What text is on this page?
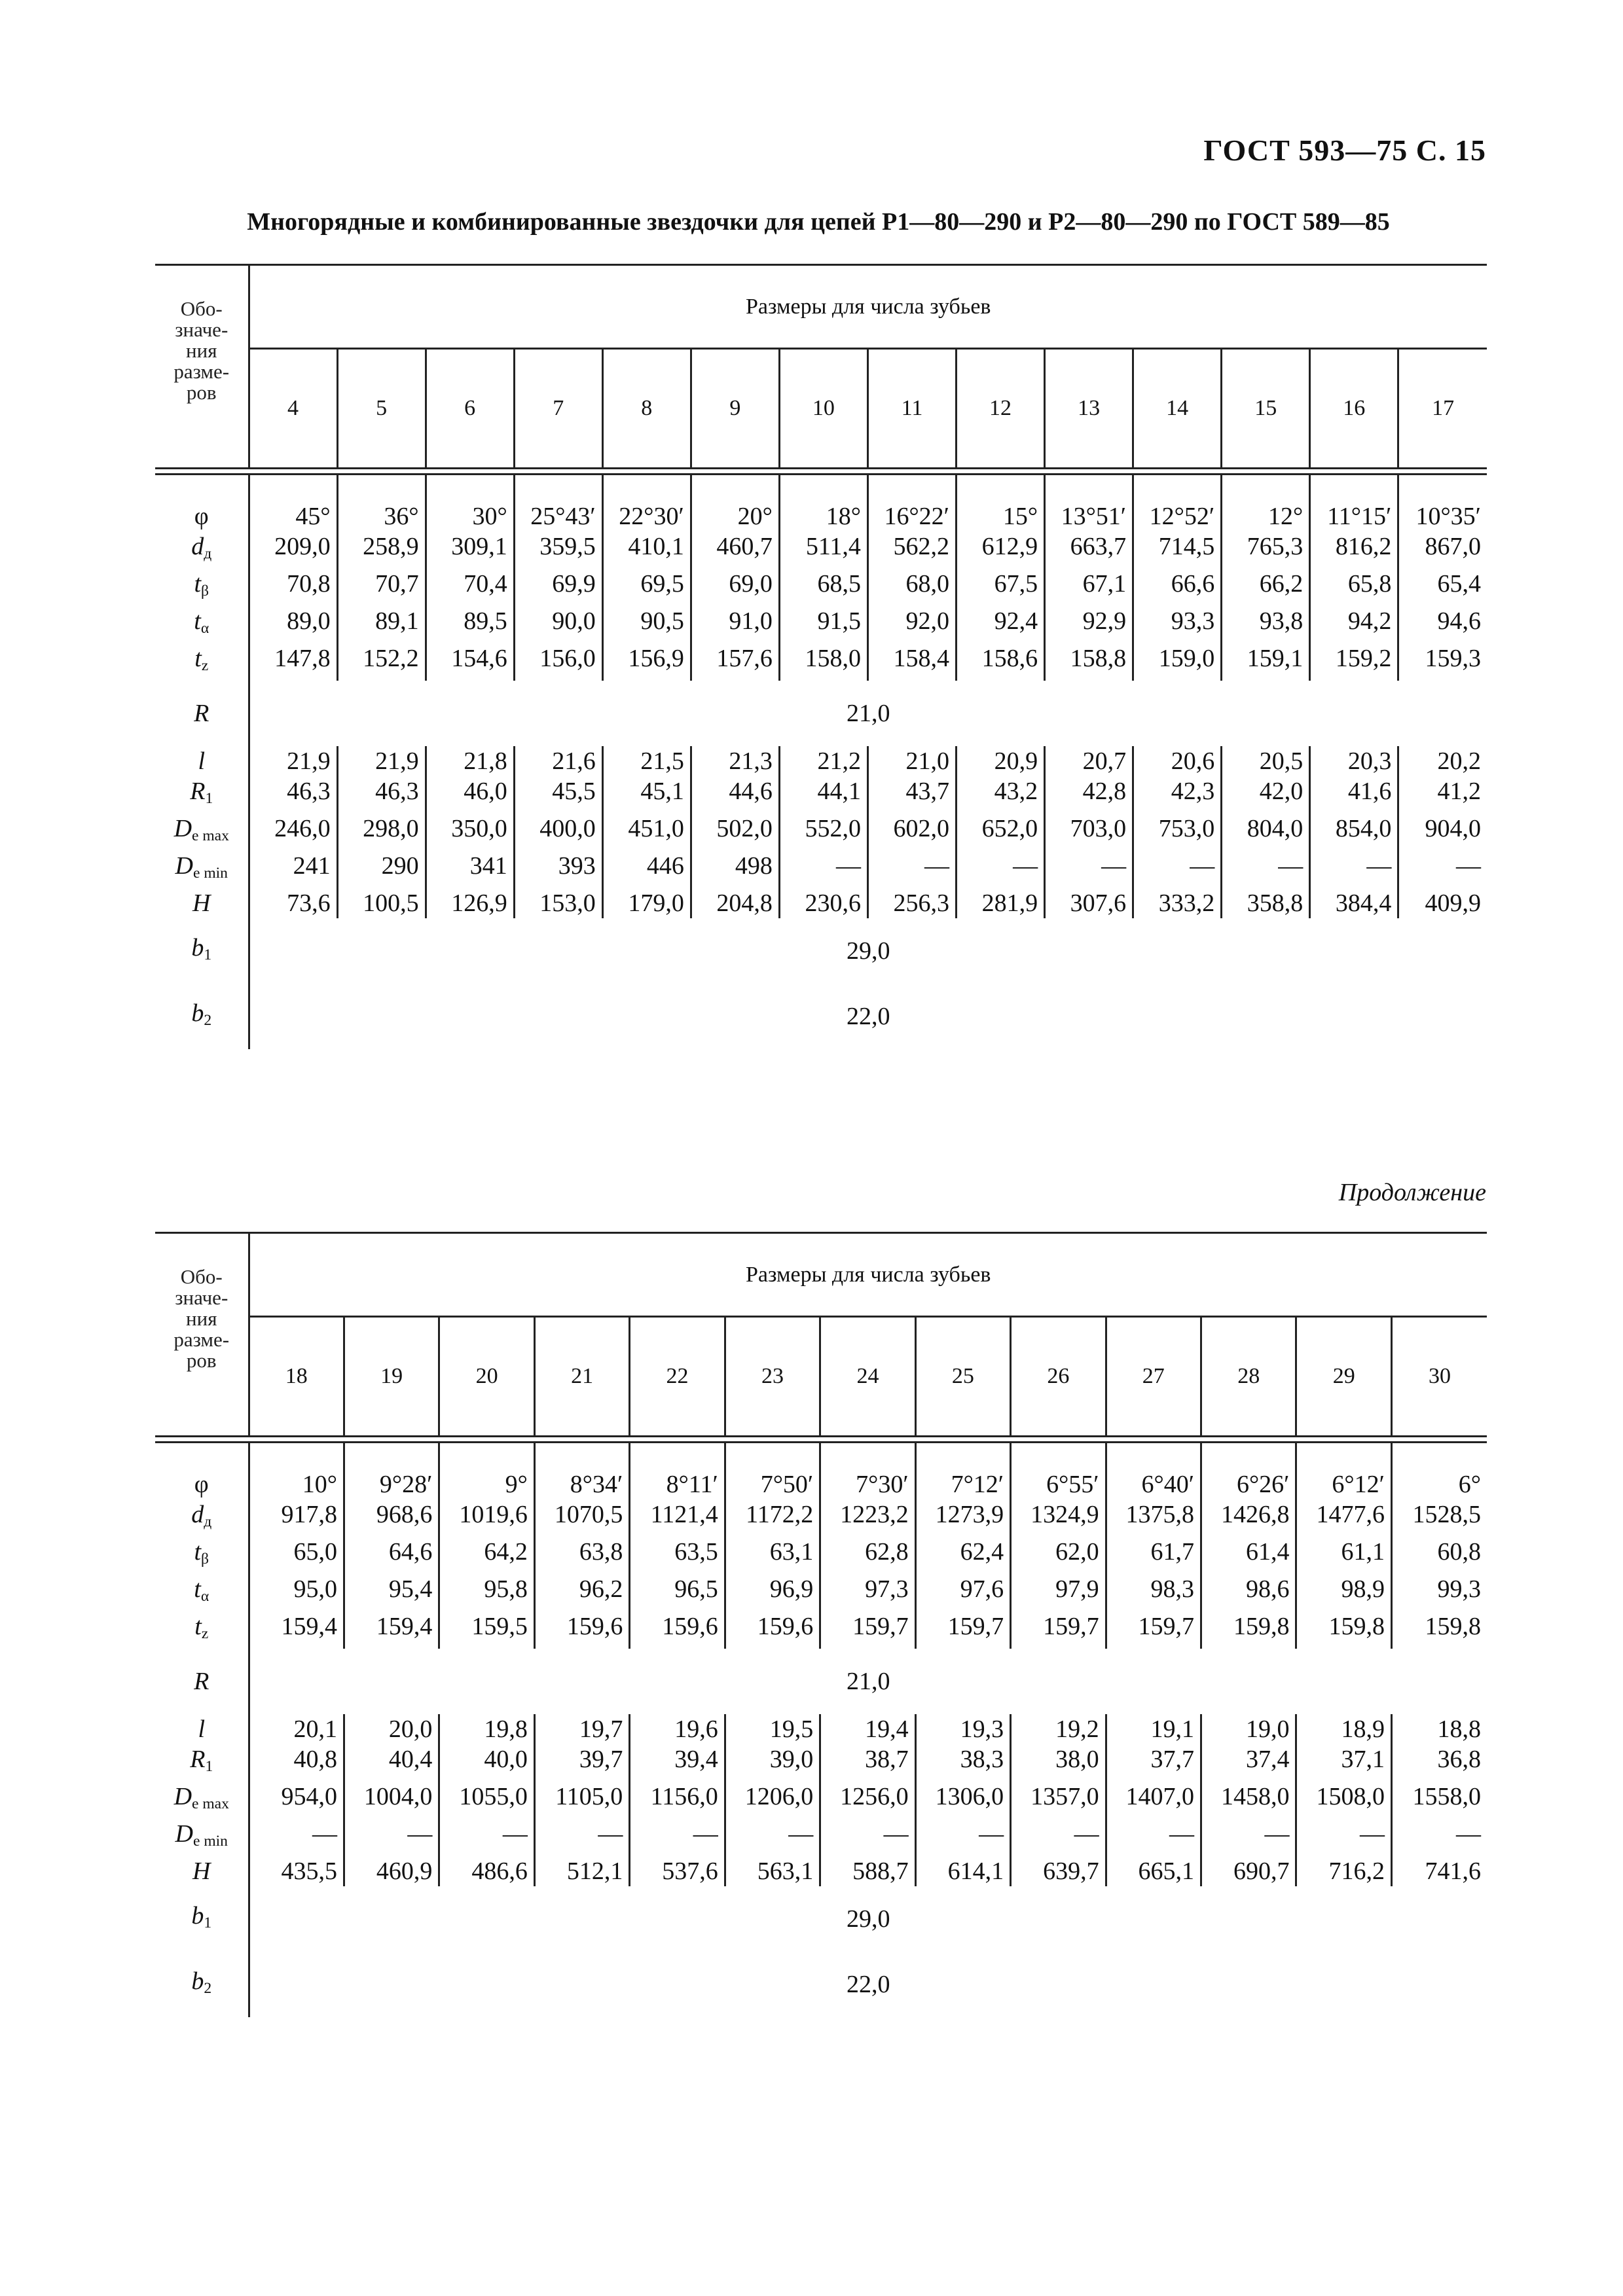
ГОСТ 593—75 С. 15
Многорядные и комбинированные звездочки для цепей Р1—80—290 и Р2—80—290 по ГОСТ 589—85
Обо-
значе-
ния
разме-
ров	Размеры для числа зубьев													
	4	5	6	7	8	9	10	11	12	13	14	15	16	17

φ	45°	36°	30°	25°43′	22°30′	20°	18°	16°22′	15°	13°51′	12°52′	12°	11°15′	10°35′
$d_д$	209,0	258,9	309,1	359,5	410,1	460,7	511,4	562,2	612,9	663,7	714,5	765,3	816,2	867,0
$t_\beta$	70,8	70,7	70,4	69,9	69,5	69,0	68,5	68,0	67,5	67,1	66,6	66,2	65,8	65,4
$t_\alpha$	89,0	89,1	89,5	90,0	90,5	91,0	91,5	92,0	92,4	92,9	93,3	93,8	94,2	94,6
$t_z$	147,8	152,2	154,6	156,0	156,9	157,6	158,0	158,4	158,6	158,8	159,0	159,1	159,2	159,3
R	21,0													
l	21,9	21,9	21,8	21,6	21,5	21,3	21,2	21,0	20,9	20,7	20,6	20,5	20,3	20,2
$R_1$	46,3	46,3	46,0	45,5	45,1	44,6	44,1	43,7	43,2	42,8	42,3	42,0	41,6	41,2
$D_{e max}$	246,0	298,0	350,0	400,0	451,0	502,0	552,0	602,0	652,0	703,0	753,0	804,0	854,0	904,0
$D_{e min}$	241	290	341	393	446	498	—	—	—	—	—	—	—	—
H	73,6	100,5	126,9	153,0	179,0	204,8	230,6	256,3	281,9	307,6	333,2	358,8	384,4	409,9
$b_1$	29,0													
$b_2$	22,0													
Продолжение
Обо-
значе-
ния
разме-
ров	Размеры для числа зубьев												
	18	19	20	21	22	23	24	25	26	27	28	29	30

φ	10°	9°28′	9°	8°34′	8°11′	7°50′	7°30′	7°12′	6°55′	6°40′	6°26′	6°12′	6°
$d_д$	917,8	968,6	1019,6	1070,5	1121,4	1172,2	1223,2	1273,9	1324,9	1375,8	1426,8	1477,6	1528,5
$t_\beta$	65,0	64,6	64,2	63,8	63,5	63,1	62,8	62,4	62,0	61,7	61,4	61,1	60,8
$t_\alpha$	95,0	95,4	95,8	96,2	96,5	96,9	97,3	97,6	97,9	98,3	98,6	98,9	99,3
$t_z$	159,4	159,4	159,5	159,6	159,6	159,6	159,7	159,7	159,7	159,7	159,8	159,8	159,8
R	21,0												
l	20,1	20,0	19,8	19,7	19,6	19,5	19,4	19,3	19,2	19,1	19,0	18,9	18,8
$R_1$	40,8	40,4	40,0	39,7	39,4	39,0	38,7	38,3	38,0	37,7	37,4	37,1	36,8
$D_{e max}$	954,0	1004,0	1055,0	1105,0	1156,0	1206,0	1256,0	1306,0	1357,0	1407,0	1458,0	1508,0	1558,0
$D_{e min}$	—	—	—	—	—	—	—	—	—	—	—	—	—
H	435,5	460,9	486,6	512,1	537,6	563,1	588,7	614,1	639,7	665,1	690,7	716,2	741,6
$b_1$	29,0												
$b_2$	22,0												
